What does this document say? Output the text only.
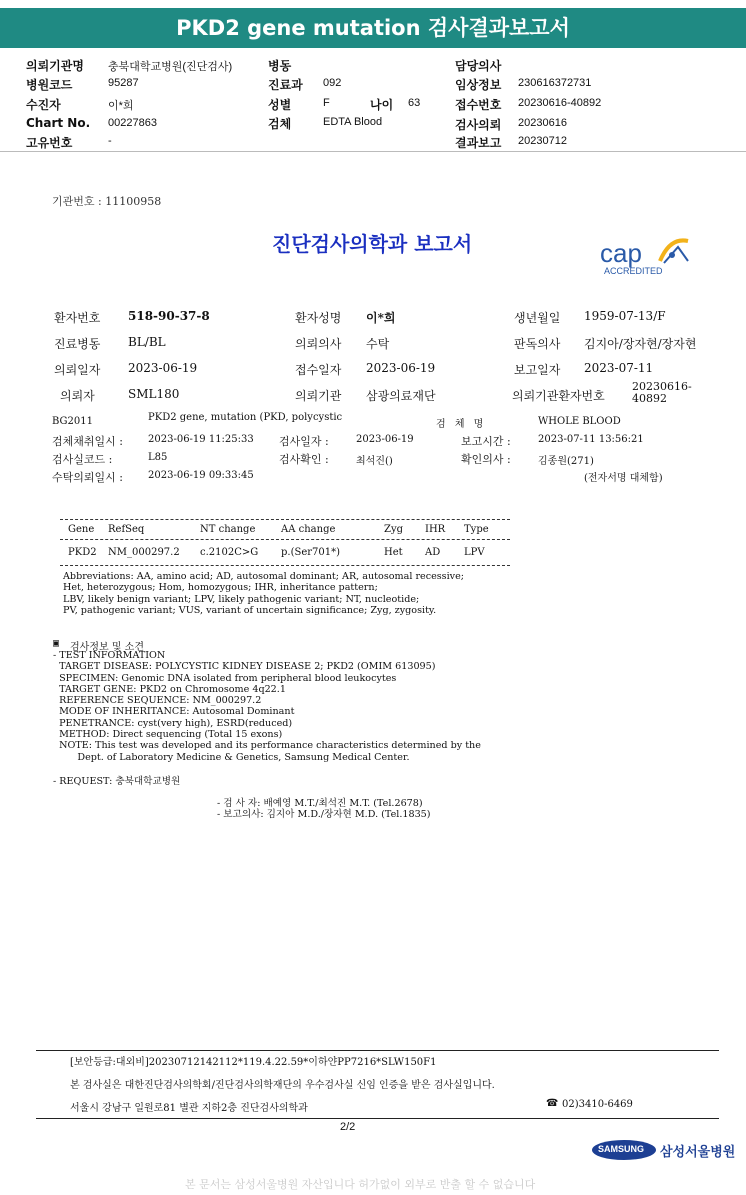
PKD2 gene mutation 검사결과보고서
의뢰기관명 충북대학교병원(진단검사)
병원코드	95287
수진자	이*희
Chart No. 00227863
고유번호	-
병동
진료과 092
성별	F	나이 63
검체	EDTA Blood
담당의사
임상정보 230616372731
접수번호 20230616-40892
검사의뢰 20230616
결과보고 20230712
기관번호 : 11100958
진단검사의학과 보고서	cap
ACCREDITED
환자번호 518-90-37-8	환자성명 이*희	생년월일 1959-07-13/F
진료병동 BL/BL	의뢰의사 수탁	판독의사 김지아/장자현/장자현
의뢰일자 2023-06-19	접수일자 2023-06-19	보고일자 2023-07-11
의뢰자	SML180	의뢰기관 삼광의료재단	의뢰기관환자번호
20230616-
40892
BG2011	PKD2 gene, mutation (PKD, polycystic
검 체 명	WHOLE BLOOD
검체채취일시 :	2023-06-19 11:25:33 검사일자 :	2023-06-19	보고시간 :	2023-07-11 13:56:21
검사실코드 :	L85	검사확인 :	최석진()	확인의사 :	김종원(271)
수탁의뢰일시 :	2023-06-19 09:33:45	(전자서명 대체함)
Gene RefSeq	NT change	AA change	Zyg IHR Type
PKD2 NM_000297.2 c.2102C>G p.(Ser701*)	Het AD LPV
Abbreviations: AA, amino acid; AD, autosomal dominant; AR, autosomal recessive;
Het, heterozygous; Hom, homozygous; IHR, inheritance pattern;
LBV, likely benign variant; LPV, likely pathogenic variant; NT, nucleotide;
PV, pathogenic variant; VUS, variant of uncertain significance; Zyg, zygosity.
▣ 검사정보 및 소견
- TEST INFORMATION
TARGET DISEASE: POLYCYSTIC KIDNEY DISEASE 2; PKD2 (OMIM 613095)
SPECIMEN: Genomic DNA isolated from peripheral blood leukocytes
TARGET GENE: PKD2 on Chromosome 4q22.1
REFERENCE SEQUENCE: NM_000297.2
MODE OF INHERITANCE: Autosomal Dominant
PENETRANCE: cyst(very high), ESRD(reduced)
METHOD: Direct sequencing (Total 15 exons)
NOTE: This test was developed and its performance characteristics determined by the
Dept. of Laboratory Medicine & Genetics, Samsung Medical Center.
- REQUEST: 충북대학교병원
- 검 사 자: 배예영 M.T./최석진 M.T. (Tel.2678)
- 보고의사: 김지아 M.D./장자현 M.D. (Tel.1835)
[보안등급:대외비]20230712142112*119.4.22.59*이하얀PP7216*SLW150F1
본 검사실은 대한진단검사의학회/진단검사의학재단의 우수검사실 신임 인증을 받은 검사실입니다.
서울시 강남구 일원로81 별관 지하2층 진단검사의학과	☎ 02)3410-6469
2/2
SAMSUNG 삼성서울병원
본 문서는 삼성서울병원 자산입니다 허가없이 외부로 반출 할 수 없습니다
